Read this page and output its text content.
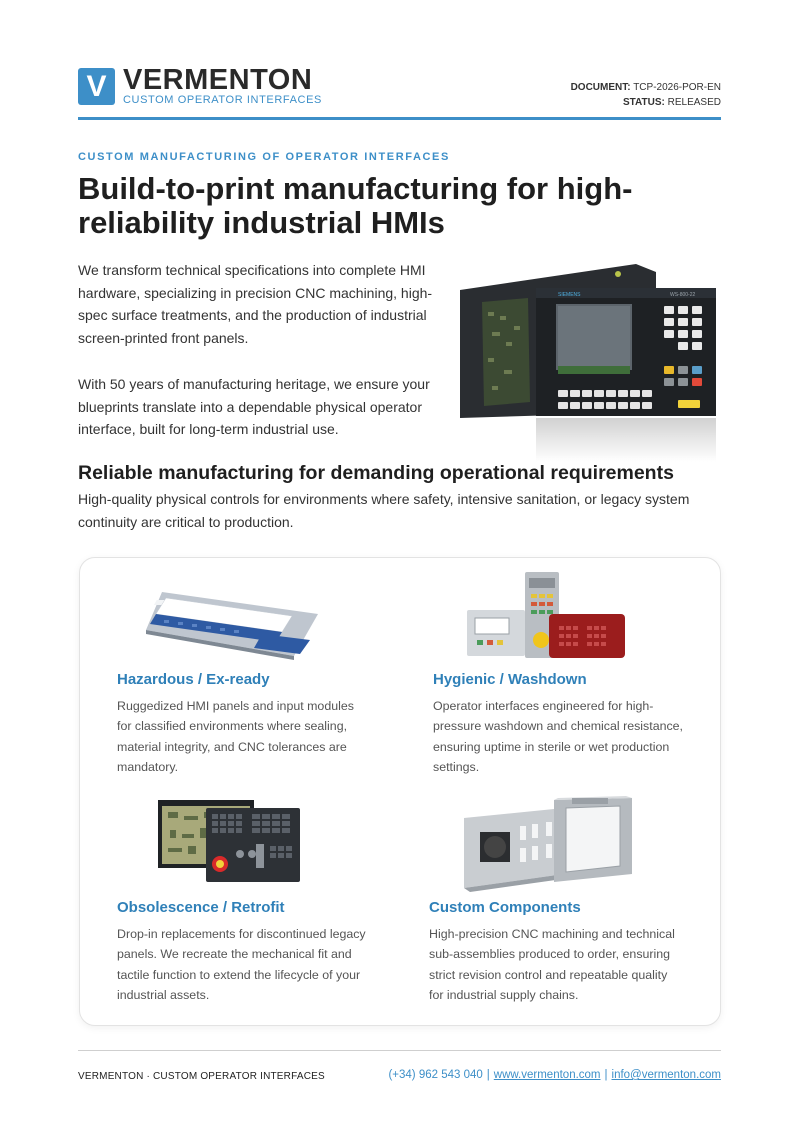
V VERMENTON
CUSTOM OPERATOR INTERFACES
DOCUMENT: TCP-2026-POR-EN
STATUS: RELEASED
CUSTOM MANUFACTURING OF OPERATOR INTERFACES
Build-to-print manufacturing for high-reliability industrial HMIs

We transform technical specifications into complete HMI hardware, specializing in precision CNC machining, high-spec surface treatments, and the production of industrial screen-printed front panels.

With 50 years of manufacturing heritage, we ensure your blueprints translate into a dependable physical operator interface, built for long-term industrial use.

SIEMENS	WS-800-22
Reliable manufacturing for demanding operational requirements

High-quality physical controls for environments where safety, intensive sanitation, or legacy system continuity are critical to production.

Hazardous / Ex-ready
Ruggedized HMI panels and input modules for classified environments where sealing, material integrity, and CNC tolerances are mandatory.
Hygienic / Washdown
Operator interfaces engineered for high-pressure washdown and chemical resistance, ensuring uptime in sterile or wet production settings.
Obsolescence / Retrofit
Drop-in replacements for discontinued legacy panels. We recreate the mechanical fit and tactile function to extend the lifecycle of your industrial assets.
Custom Components
High-precision CNC machining and technical sub-assemblies produced to order, ensuring strict revision control and repeatable quality for industrial supply chains.
VERMENTON · CUSTOM OPERATOR INTERFACES	(+34) 962 543 040 | www.vermenton.com | info@vermenton.com
